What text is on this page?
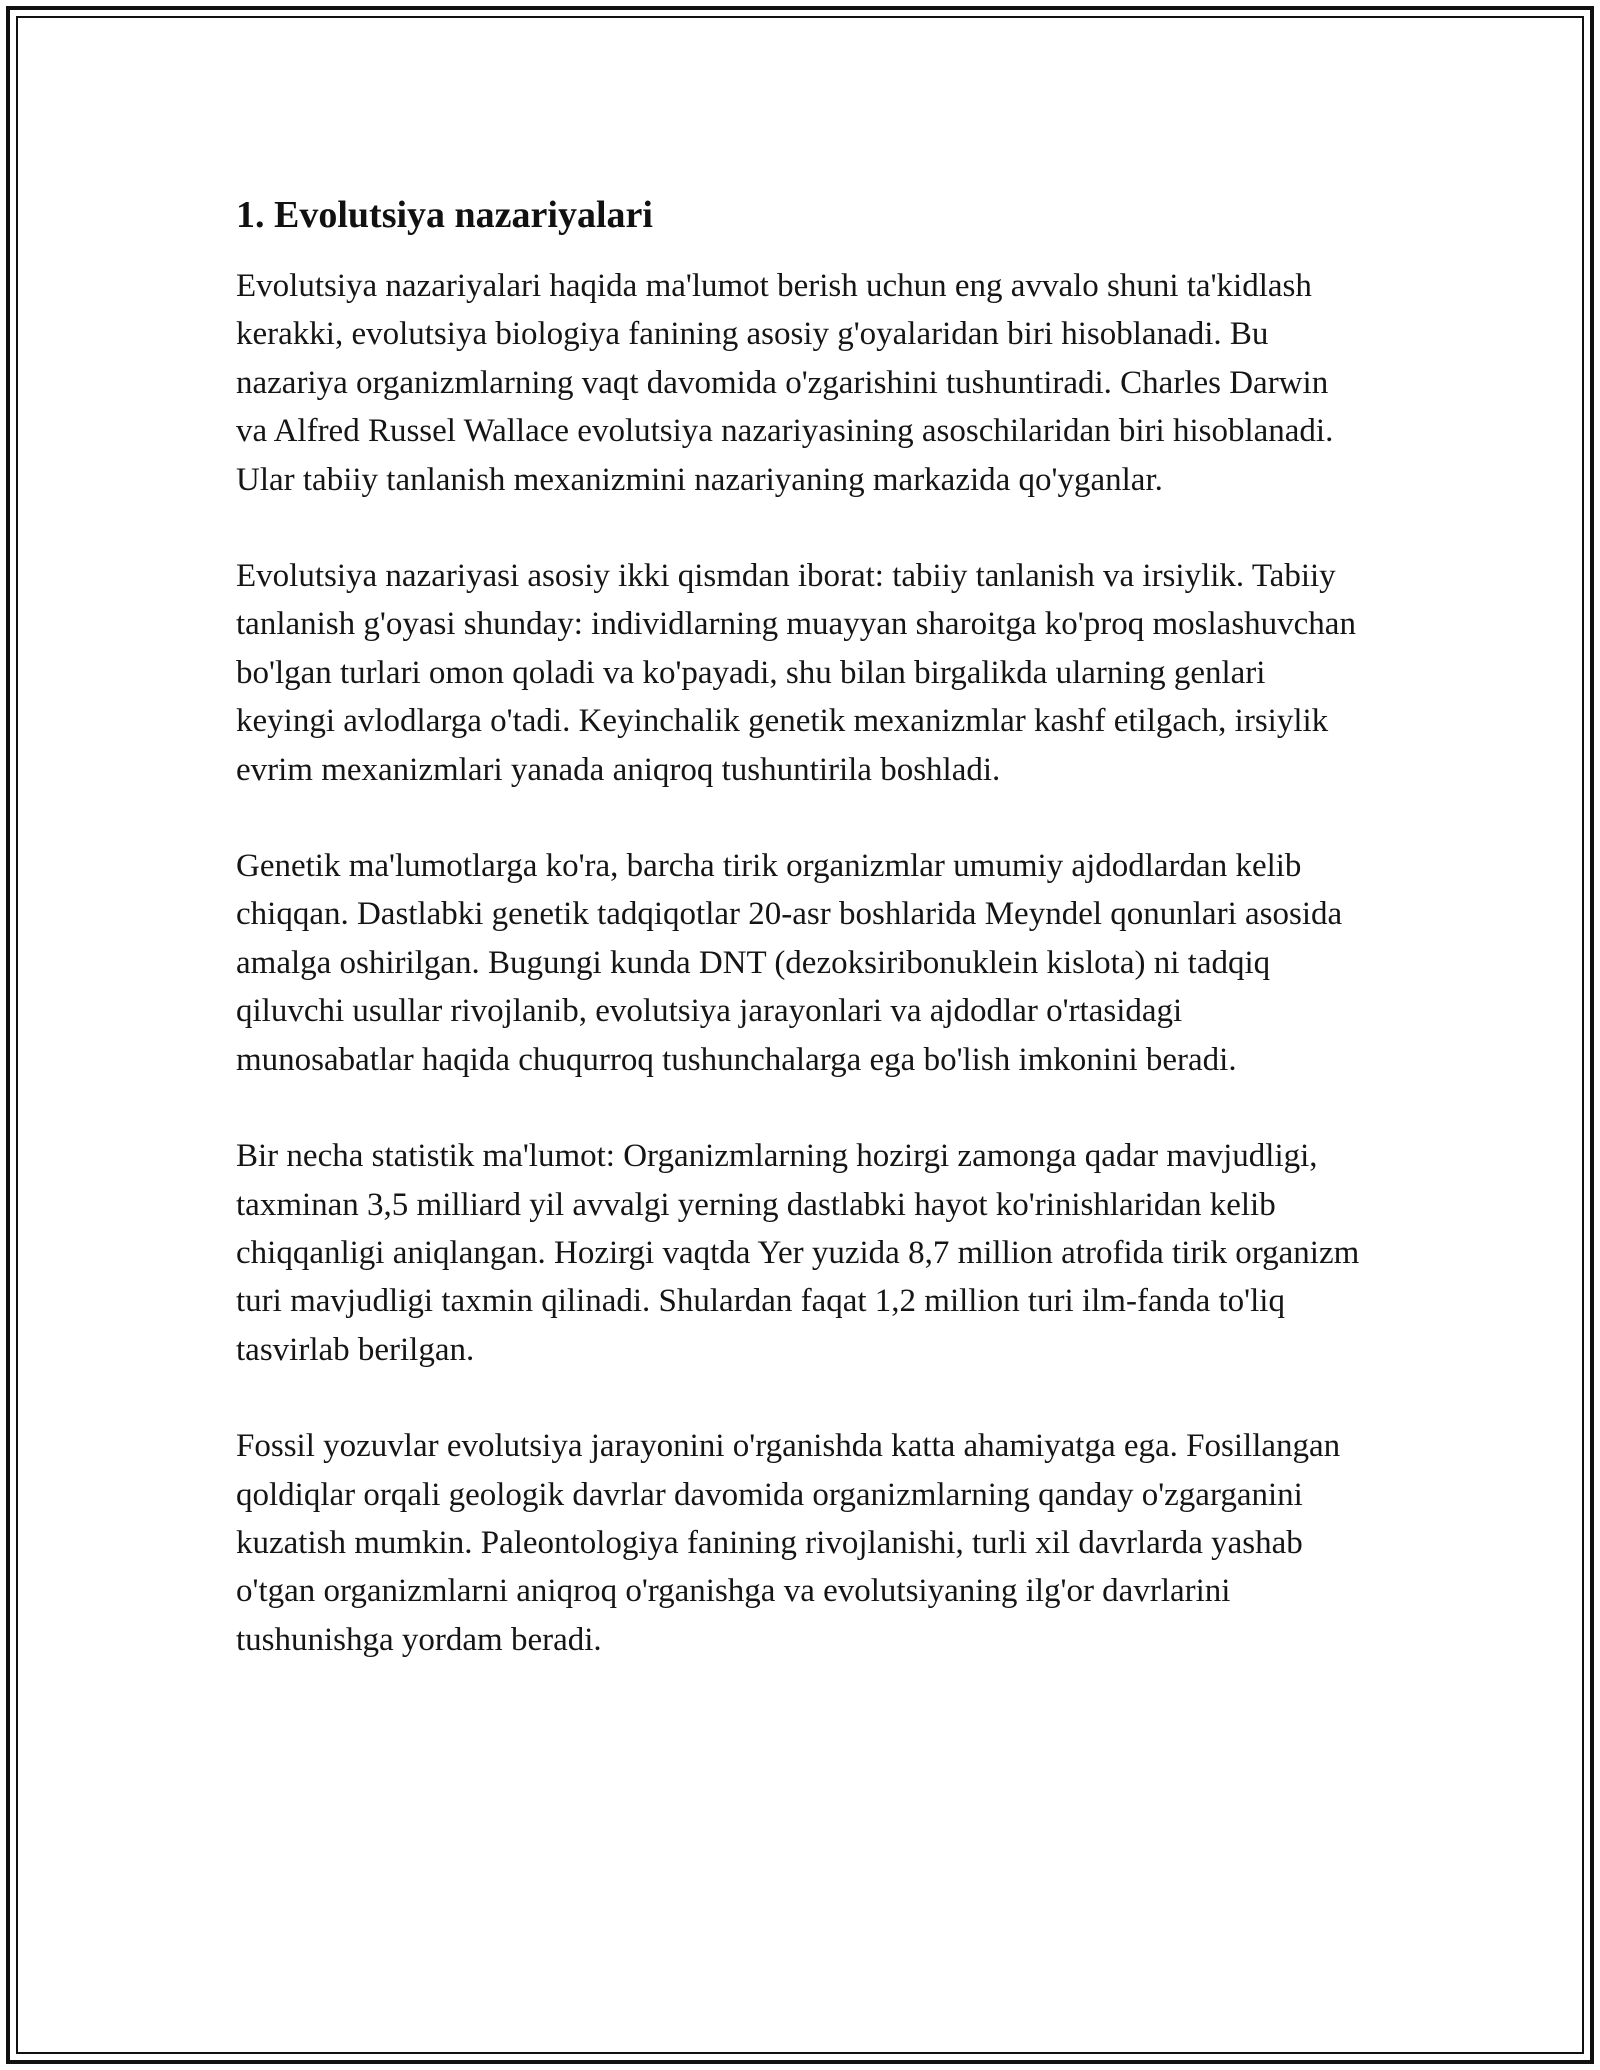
1. Evolutsiya nazariyalari

Evolutsiya nazariyalari haqida ma'lumot berish uchun eng avvalo shuni ta'kidlash kerakki, evolutsiya biologiya fanining asosiy g'oyalaridan biri hisoblanadi. Bu nazariya organizmlarning vaqt davomida o'zgarishini tushuntiradi. Charles Darwin va Alfred Russel Wallace evolutsiya nazariyasining asoschilaridan biri hisoblanadi. Ular tabiiy tanlanish mexanizmini nazariyaning markazida qo'yganlar.

Evolutsiya nazariyasi asosiy ikki qismdan iborat: tabiiy tanlanish va irsiylik. Tabiiy tanlanish g'oyasi shunday: individlarning muayyan sharoitga ko'proq moslashuvchan bo'lgan turlari omon qoladi va ko'payadi, shu bilan birgalikda ularning genlari keyingi avlodlarga o'tadi. Keyinchalik genetik mexanizmlar kashf etilgach, irsiylik evrim mexanizmlari yanada aniqroq tushuntirila boshladi.

Genetik ma'lumotlarga ko'ra, barcha tirik organizmlar umumiy ajdodlardan kelib chiqqan. Dastlabki genetik tadqiqotlar 20-asr boshlarida Meyndel qonunlari asosida amalga oshirilgan. Bugungi kunda DNT (dezoksiribonuklein kislota) ni tadqiq qiluvchi usullar rivojlanib, evolutsiya jarayonlari va ajdodlar o'rtasidagi munosabatlar haqida chuqurroq tushunchalarga ega bo'lish imkonini beradi.

Bir necha statistik ma'lumot: Organizmlarning hozirgi zamonga qadar mavjudligi, taxminan 3,5 milliard yil avvalgi yerning dastlabki hayot ko'rinishlaridan kelib chiqqanligi aniqlangan. Hozirgi vaqtda Yer yuzida 8,7 million atrofida tirik organizm turi mavjudligi taxmin qilinadi. Shulardan faqat 1,2 million turi ilm-fanda to'liq tasvirlab berilgan.

Fossil yozuvlar evolutsiya jarayonini o'rganishda katta ahamiyatga ega. Fosillangan qoldiqlar orqali geologik davrlar davomida organizmlarning qanday o'zgarganini kuzatish mumkin. Paleontologiya fanining rivojlanishi, turli xil davrlarda yashab o'tgan organizmlarni aniqroq o'rganishga va evolutsiyaning ilg'or davrlarini tushunishga yordam beradi.
